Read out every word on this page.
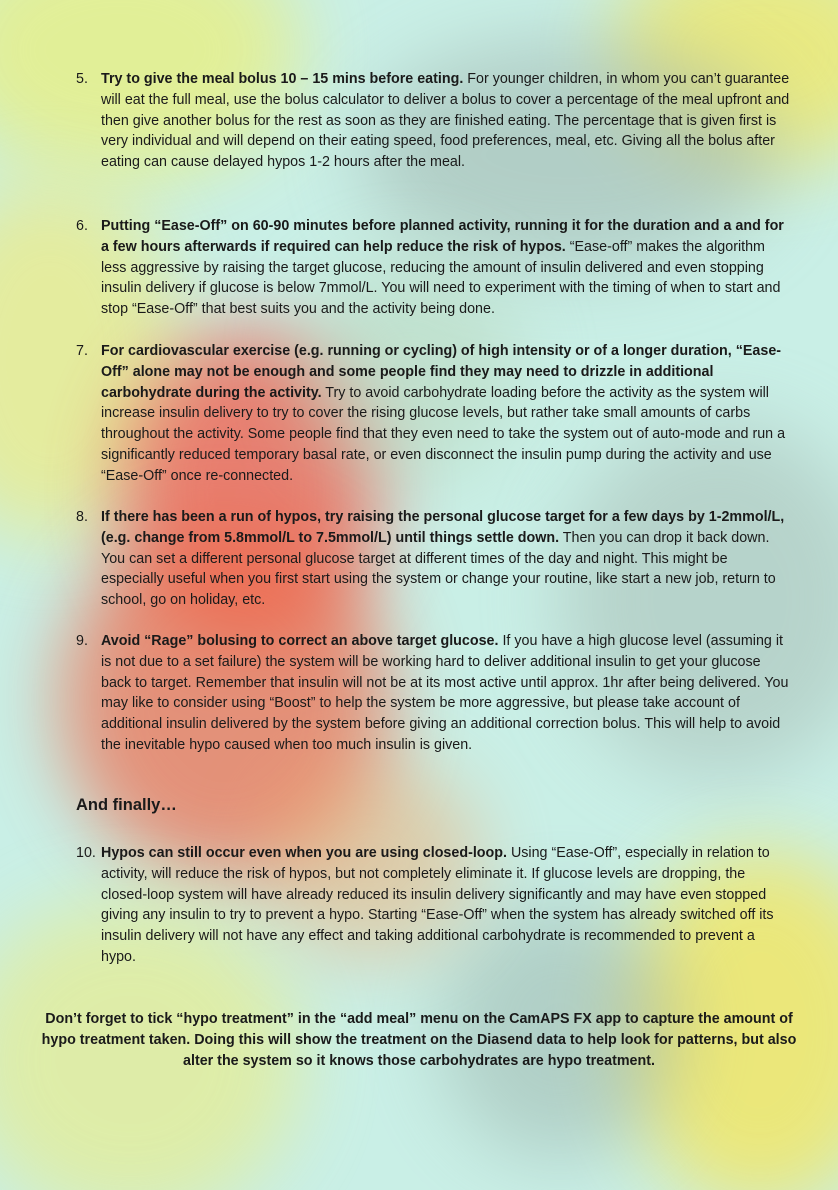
5. Try to give the meal bolus 10 – 15 mins before eating. For younger children, in whom you can’t guarantee will eat the full meal, use the bolus calculator to deliver a bolus to cover a percentage of the meal upfront and then give another bolus for the rest as soon as they are finished eating. The percentage that is given first is very individual and will depend on their eating speed, food preferences, meal, etc. Giving all the bolus after eating can cause delayed hypos 1-2 hours after the meal.
6. Putting “Ease-Off” on 60-90 minutes before planned activity, running it for the duration and a and for a few hours afterwards if required can help reduce the risk of hypos. “Ease-off” makes the algorithm less aggressive by raising the target glucose, reducing the amount of insulin delivered and even stopping insulin delivery if glucose is below 7mmol/L. You will need to experiment with the timing of when to start and stop “Ease-Off” that best suits you and the activity being done.
7. For cardiovascular exercise (e.g. running or cycling) of high intensity or of a longer duration, “Ease-Off” alone may not be enough and some people find they may need to drizzle in additional carbohydrate during the activity. Try to avoid carbohydrate loading before the activity as the system will increase insulin delivery to try to cover the rising glucose levels, but rather take small amounts of carbs throughout the activity. Some people find that they even need to take the system out of auto-mode and run a significantly reduced temporary basal rate, or even disconnect the insulin pump during the activity and use “Ease-Off” once re-connected.
8. If there has been a run of hypos, try raising the personal glucose target for a few days by 1-2mmol/L, (e.g. change from 5.8mmol/L to 7.5mmol/L) until things settle down. Then you can drop it back down. You can set a different personal glucose target at different times of the day and night. This might be especially useful when you first start using the system or change your routine, like start a new job, return to school, go on holiday, etc.
9. Avoid “Rage” bolusing to correct an above target glucose. If you have a high glucose level (assuming it is not due to a set failure) the system will be working hard to deliver additional insulin to get your glucose back to target. Remember that insulin will not be at its most active until approx. 1hr after being delivered. You may like to consider using “Boost” to help the system be more aggressive, but please take account of additional insulin delivered by the system before giving an additional correction bolus. This will help to avoid the inevitable hypo caused when too much insulin is given.
And finally…
10. Hypos can still occur even when you are using closed-loop. Using “Ease-Off”, especially in relation to activity, will reduce the risk of hypos, but not completely eliminate it. If glucose levels are dropping, the closed-loop system will have already reduced its insulin delivery significantly and may have even stopped giving any insulin to try to prevent a hypo. Starting “Ease-Off” when the system has already switched off its insulin delivery will not have any effect and taking additional carbohydrate is recommended to prevent a hypo.

Don’t forget to tick “hypo treatment” in the “add meal” menu on the CamAPS FX app to capture the amount of hypo treatment taken. Doing this will show the treatment on the Diasend data to help look for patterns, but also alter the system so it knows those carbohydrates are hypo treatment.
